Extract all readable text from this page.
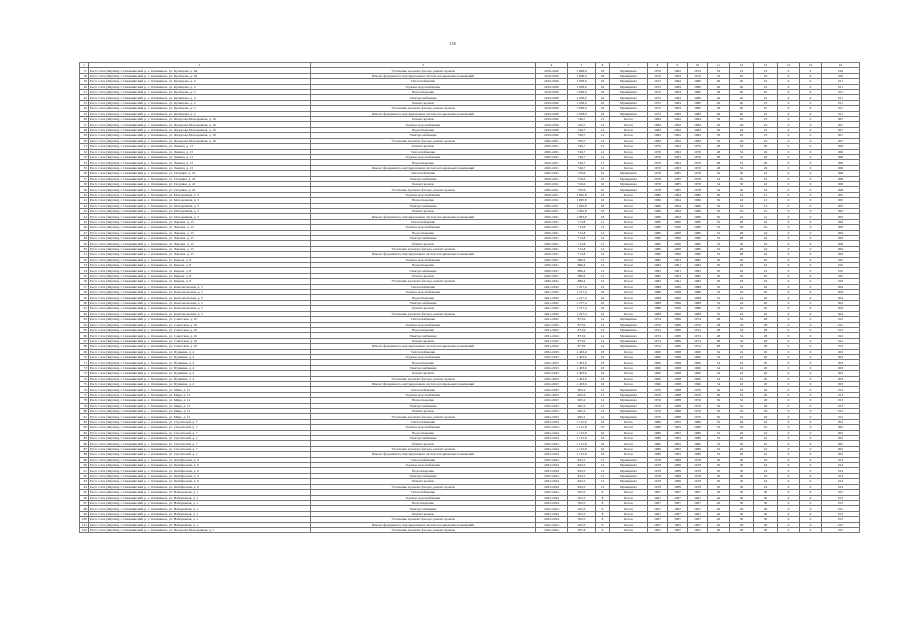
135
1	2	3	4	5	6	7	8	9	10	11	12	13	14	15	16
17	Респ. Саха (Якутия), г. Олекминский р., г. Олекминск, ул. Кузнецова, д. 64	Утепление и ремонт фасада, ремонт кровли	2019-2020	1 698,0	18	Муниципал	1978	1982	1979	52	22	23	0	0	016
18	Респ. Саха (Якутия), г. Олекминский р., г. Олекминск, ул. Кузнецова, д. 64	Ремонт фундамента, внутридомовых систем и подвальных помещений	2019-2020	1 698,0	18	Муниципал	1979	1982	1979	52	22	23	0	0	016
19	Респ. Саха (Якутия), г. Олекминский р., г. Олекминск, ул. Кузнецова, д. 2	Теплоснабжение	2019-2020	1 938,0	16	Муниципал	1972	1984	1980	49	40	25	0	0	011
20	Респ. Саха (Якутия), г. Олекминский р., г. Олекминск, ул. Кузнецова, д. 2	Горячее водоснабжение	2019-2020	1 938,0	16	Муниципал	1972	1984	1980	49	40	25	0	0	011
21	Респ. Саха (Якутия), г. Олекминский р., г. Олекминск, ул. Кузнецова, д. 2	Водоотведение	2019-2020	1 938,0	16	Муниципал	1972	1984	1980	49	40	25	0	0	011
22	Респ. Саха (Якутия), г. Олекминский р., г. Олекминск, ул. Кузнецова, д. 2	Электроснабжение	2019-2020	1 938,0	16	Муниципал	1972	1984	1980	49	40	25	0	0	011
23	Респ. Саха (Якутия), г. Олекминский р., г. Олекминск, ул. Кузнецова, д. 2	Ремонт кровли	2019-2020	1 938,0	16	Муниципал	1972	1984	1980	49	40	25	0	0	011
24	Респ. Саха (Якутия), г. Олекминский р., г. Олекминск, ул. Кузнецова, д. 2	Утепление и ремонт фасада, ремонт кровли	2019-2020	1 938,0	16	Муниципал	1972	1984	1980	49	40	25	0	0	011
25	Респ. Саха (Якутия), г. Олекминский р., г. Олекминск, ул. Кузнецова, д. 2	Ремонт фундамента, внутридомовых систем и подвальных помещений	2019-2020	1 938,0	16	Муниципал	1972	1984	1980	49	40	25	0	0	011
26	Респ. Саха (Якутия), г. Олекминский р., г. Олекминск, ул. Федорова-Молодежная, д. 19	Ремонт кровли	2019-2020	746,7	12	Бетон	1984	1992	1984	56	26	23	0	0	007
27	Респ. Саха (Якутия), г. Олекминский р., г. Олекминск, ул. Федорова-Молодежная, д. 19	Горячее водоснабжение	2019-2020	746,7	12	Бетон	1984	1992	1984	56	26	23	0	0	007
28	Респ. Саха (Якутия), г. Олекминский р., г. Олекминск, ул. Федорова-Молодежная, д. 19	Водоотведение	2019-2020	746,7	12	Бетон	1984	1992	1984	56	26	23	0	0	007
29	Респ. Саха (Якутия), г. Олекминский р., г. Олекминск, ул. Федорова-Молодежная, д. 19	Электроснабжение	2019-2020	746,7	12	Бетон	1984	1992	1984	56	26	23	0	0	007
30	Респ. Саха (Якутия), г. Олекминский р., г. Олекминск, ул. Федорова-Молодежная, д. 19	Утепление и ремонт фасада, ремонт кровли	2020-2021	746,7	12	Бетон	1984	1992	1984	56	26	23	0	0	007
31	Респ. Саха (Якутия), г. Олекминский р., г. Олекминск, ул. Ленина, д. 13	Ремонт кровли	2020-2021	746,7	12	Бетон	1976	1993	1976	48	32	26	0	0	006
32	Респ. Саха (Якутия), г. Олекминский р., г. Олекминск, ул. Ленина, д. 13	Теплоснабжение	2020-2021	746,7	12	Бетон	1976	1993	1976	48	32	26	0	0	006
33	Респ. Саха (Якутия), г. Олекминский р., г. Олекминск, ул. Ленина, д. 13	Горячее водоснабжение	2020-2021	746,7	12	Бетон	1976	1993	1976	48	32	26	0	0	006
34	Респ. Саха (Якутия), г. Олекминский р., г. Олекминск, ул. Ленина, д. 13	Водоотведение	2020-2021	746,7	12	Бетон	1976	1993	1976	48	32	26	0	0	006
35	Респ. Саха (Якутия), г. Олекминский р., г. Олекминск, ул. Ленина, д. 13	Ремонт фундамента, внутридомовых систем и подвальных помещений	2020-2021	746,7	12	Бетон	1976	1993	1976	48	32	26	0	0	006
36	Респ. Саха (Якутия), г. Олекминский р., г. Олекминск, ул. Гагарина, д. 22	Теплоснабжение	2020-2021	726,6	10	Муниципал	1978	1985	1978	54	30	22	0	0	008
37	Респ. Саха (Якутия), г. Олекминский р., г. Олекминск, ул. Гагарина, д. 22	Электроснабжение	2020-2021	726,6	10	Муниципал	1978	1985	1978	54	30	22	0	0	008
38	Респ. Саха (Якутия), г. Олекминский р., г. Олекминск, ул. Гагарина, д. 22	Ремонт кровли	2020-2021	726,6	10	Муниципал	1978	1985	1978	54	30	22	0	0	008
39	Респ. Саха (Якутия), г. Олекминский р., г. Олекминск, ул. Гагарина, д. 22	Утепление и ремонт фасада, ремонт кровли	2020-2021	726,6	10	Муниципал	1978	1985	1978	54	30	22	0	0	008
40	Респ. Саха (Якутия), г. Олекминский р., г. Олекминск, ул. Молодежная, д. 3	Горячее водоснабжение	2020-2021	1 095,8	18	Бетон	1986	1994	1986	50	24	21	0	0	005
41	Респ. Саха (Якутия), г. Олекминский р., г. Олекминск, ул. Молодежная, д. 3	Водоотведение	2020-2021	1 095,8	18	Бетон	1986	1994	1986	50	24	21	0	0	005
42	Респ. Саха (Якутия), г. Олекминский р., г. Олекминск, ул. Молодежная, д. 3	Электроснабжение	2020-2021	1 095,8	18	Бетон	1986	1994	1986	50	24	21	0	0	005
43	Респ. Саха (Якутия), г. Олекминский р., г. Олекминск, ул. Молодежная, д. 3	Ремонт кровли	2020-2021	1 095,8	18	Бетон	1986	1994	1986	50	24	21	0	0	005
44	Респ. Саха (Якутия), г. Олекминский р., г. Олекминск, ул. Молодежная, д. 3	Ремонт фундамента, внутридомовых систем и подвальных помещений	2020-2021	1 095,8	18	Бетон	1986	1994	1986	50	24	21	0	0	005
45	Респ. Саха (Якутия), г. Олекминский р., г. Олекминск, ул. Чапаева, д. 15	Теплоснабжение	2020-2021	713,8	12	Бетон	1980	1990	1980	52	28	24	0	0	009
46	Респ. Саха (Якутия), г. Олекминский р., г. Олекминск, ул. Чапаева, д. 15	Горячее водоснабжение	2020-2021	713,8	12	Бетон	1980	1990	1980	52	28	24	0	0	009
47	Респ. Саха (Якутия), г. Олекминский р., г. Олекминск, ул. Чапаева, д. 15	Водоотведение	2020-2021	713,8	12	Бетон	1980	1990	1980	52	28	24	0	0	009
48	Респ. Саха (Якутия), г. Олекминский р., г. Олекминск, ул. Чапаева, д. 15	Электроснабжение	2020-2021	713,8	12	Бетон	1980	1990	1980	52	28	24	0	0	009
49	Респ. Саха (Якутия), г. Олекминский р., г. Олекминск, ул. Чапаева, д. 15	Ремонт кровли	2020-2021	713,8	12	Бетон	1980	1990	1980	52	28	24	0	0	009
50	Респ. Саха (Якутия), г. Олекминский р., г. Олекминск, ул. Чапаева, д. 15	Утепление и ремонт фасада, ремонт кровли	2020-2021	713,8	12	Бетон	1980	1990	1980	52	28	24	0	0	009
51	Респ. Саха (Якутия), г. Олекминский р., г. Олекминск, ул. Чапаева, д. 15	Ремонт фундамента, внутридомовых систем и подвальных помещений	2020-2021	713,8	12	Бетон	1980	1990	1980	52	28	24	0	0	009
52	Респ. Саха (Якутия), г. Олекминский р., г. Олекминск, ул. Кирова, д. 8	Горячее водоснабжение	2020-2021	686,4	12	Бетон	1982	1991	1982	50	26	22	0	0	010
53	Респ. Саха (Якутия), г. Олекминский р., г. Олекминск, ул. Кирова, д. 8	Водоотведение	2020-2021	686,4	12	Бетон	1982	1991	1982	50	26	22	0	0	010
54	Респ. Саха (Якутия), г. Олекминский р., г. Олекминск, ул. Кирова, д. 8	Электроснабжение	2020-2021	686,4	12	Бетон	1982	1991	1982	50	26	22	0	0	010
55	Респ. Саха (Якутия), г. Олекминский р., г. Олекминск, ул. Кирова, д. 8	Ремонт кровли	2020-2021	686,4	12	Бетон	1982	1991	1982	50	26	22	0	0	010
56	Респ. Саха (Якутия), г. Олекминский р., г. Олекминск, ул. Кирова, д. 8	Утепление и ремонт фасада, ремонт кровли	2020-2021	686,4	12	Бетон	1982	1991	1982	50	26	22	0	0	010
57	Респ. Саха (Якутия), г. Олекминский р., г. Олекминск, ул. Комсомольская, д. 5	Теплоснабжение	2021-2022	1 217,4	16	Бетон	1988	1996	1988	52	24	20	0	0	004
58	Респ. Саха (Якутия), г. Олекминский р., г. Олекминск, ул. Комсомольская, д. 5	Горячее водоснабжение	2021-2022	1 217,4	16	Бетон	1988	1996	1988	52	24	20	0	0	004
59	Респ. Саха (Якутия), г. Олекминский р., г. Олекминск, ул. Комсомольская, д. 5	Водоотведение	2021-2022	1 217,4	16	Бетон	1988	1996	1988	52	24	20	0	0	004
60	Респ. Саха (Якутия), г. Олекминский р., г. Олекминск, ул. Комсомольская, д. 5	Электроснабжение	2021-2022	1 217,4	16	Бетон	1988	1996	1988	52	24	20	0	0	004
61	Респ. Саха (Якутия), г. Олекминский р., г. Олекминск, ул. Комсомольская, д. 5	Ремонт кровли	2021-2022	1 217,4	16	Бетон	1988	1996	1988	52	24	20	0	0	004
62	Респ. Саха (Якутия), г. Олекминский р., г. Олекминск, ул. Комсомольская, д. 5	Утепление и ремонт фасада, ремонт кровли	2021-2022	1 217,4	16	Бетон	1988	1996	1988	52	24	20	0	0	004
63	Респ. Саха (Якутия), г. Олекминский р., г. Олекминск, ул. Советская, д. 10	Теплоснабжение	2021-2022	873,9	14	Муниципал	1974	1986	1974	48	34	28	0	0	012
64	Респ. Саха (Якутия), г. Олекминский р., г. Олекминск, ул. Советская, д. 10	Горячее водоснабжение	2021-2022	873,9	14	Муниципал	1974	1986	1974	48	34	28	0	0	012
65	Респ. Саха (Якутия), г. Олекминский р., г. Олекминск, ул. Советская, д. 10	Водоотведение	2021-2022	873,9	14	Муниципал	1974	1986	1974	48	34	28	0	0	012
66	Респ. Саха (Якутия), г. Олекминский р., г. Олекминск, ул. Советская, д. 10	Электроснабжение	2021-2022	873,9	14	Муниципал	1974	1986	1974	48	34	28	0	0	012
67	Респ. Саха (Якутия), г. Олекминский р., г. Олекминск, ул. Советская, д. 10	Ремонт кровли	2021-2022	873,9	14	Муниципал	1974	1986	1974	48	34	28	0	0	012
68	Респ. Саха (Якутия), г. Олекминский р., г. Олекминск, ул. Советская, д. 10	Ремонт фундамента, внутридомовых систем и подвальных помещений	2021-2022	873,9	14	Муниципал	1974	1986	1974	48	34	28	0	0	012
69	Респ. Саха (Якутия), г. Олекминский р., г. Олекминск, ул. Пушкина, д. 4	Теплоснабжение	2022-2023	1 403,6	18	Бетон	1990	1998	1990	54	22	20	0	0	003
70	Респ. Саха (Якутия), г. Олекминский р., г. Олекминск, ул. Пушкина, д. 4	Горячее водоснабжение	2022-2023	1 403,6	18	Бетон	1990	1998	1990	54	22	20	0	0	003
71	Респ. Саха (Якутия), г. Олекминский р., г. Олекминск, ул. Пушкина, д. 4	Водоотведение	2022-2023	1 403,6	18	Бетон	1990	1998	1990	54	22	20	0	0	003
72	Респ. Саха (Якутия), г. Олекминский р., г. Олекминск, ул. Пушкина, д. 4	Электроснабжение	2022-2023	1 403,6	18	Бетон	1990	1998	1990	54	22	20	0	0	003
73	Респ. Саха (Якутия), г. Олекминский р., г. Олекминск, ул. Пушкина, д. 4	Ремонт кровли	2022-2023	1 403,6	18	Бетон	1990	1998	1990	54	22	20	0	0	003
74	Респ. Саха (Якутия), г. Олекминский р., г. Олекминск, ул. Пушкина, д. 4	Утепление и ремонт фасада, ремонт кровли	2022-2023	1 403,6	18	Бетон	1990	1998	1990	54	22	20	0	0	003
75	Респ. Саха (Якутия), г. Олекминский р., г. Олекминск, ул. Пушкина, д. 4	Ремонт фундамента, внутридомовых систем и подвальных помещений	2022-2023	1 403,6	18	Бетон	1990	1998	1990	54	22	20	0	0	003
76	Респ. Саха (Якутия), г. Олекминский р., г. Олекминск, ул. Мира, д. 12	Теплоснабжение	2022-2023	965,2	12	Муниципал	1976	1988	1976	50	32	26	0	0	013
77	Респ. Саха (Якутия), г. Олекминский р., г. Олекминск, ул. Мира, д. 12	Горячее водоснабжение	2022-2023	965,2	12	Муниципал	1976	1988	1976	50	32	26	0	0	013
78	Респ. Саха (Якутия), г. Олекминский р., г. Олекминск, ул. Мира, д. 12	Водоотведение	2022-2023	965,2	12	Муниципал	1976	1988	1976	50	32	26	0	0	013
79	Респ. Саха (Якутия), г. Олекминский р., г. Олекминск, ул. Мира, д. 12	Электроснабжение	2022-2023	965,2	12	Муниципал	1976	1988	1976	50	32	26	0	0	013
80	Респ. Саха (Якутия), г. Олекминский р., г. Олекминск, ул. Мира, д. 12	Ремонт кровли	2022-2023	965,2	12	Муниципал	1976	1988	1976	50	32	26	0	0	013
81	Респ. Саха (Якутия), г. Олекминский р., г. Олекминск, ул. Мира, д. 12	Утепление и ремонт фасада, ремонт кровли	2022-2023	965,2	12	Муниципал	1976	1988	1976	50	32	26	0	0	013
82	Респ. Саха (Якутия), г. Олекминский р., г. Олекминск, ул. Строителей, д. 7	Теплоснабжение	2023-2024	1 112,8	16	Бетон	1986	1995	1986	52	26	22	0	0	002
83	Респ. Саха (Якутия), г. Олекминский р., г. Олекминск, ул. Строителей, д. 7	Горячее водоснабжение	2023-2024	1 112,8	16	Бетон	1986	1995	1986	52	26	22	0	0	002
84	Респ. Саха (Якутия), г. Олекминский р., г. Олекминск, ул. Строителей, д. 7	Водоотведение	2023-2024	1 112,8	16	Бетон	1986	1995	1986	52	26	22	0	0	002
85	Респ. Саха (Якутия), г. Олекминский р., г. Олекминск, ул. Строителей, д. 7	Электроснабжение	2023-2024	1 112,8	16	Бетон	1986	1995	1986	52	26	22	0	0	002
86	Респ. Саха (Якутия), г. Олекминский р., г. Олекминск, ул. Строителей, д. 7	Ремонт кровли	2023-2024	1 112,8	16	Бетон	1986	1995	1986	52	26	22	0	0	002
87	Респ. Саха (Якутия), г. Олекминский р., г. Олекминск, ул. Строителей, д. 7	Утепление и ремонт фасада, ремонт кровли	2023-2024	1 112,8	16	Бетон	1986	1995	1986	52	26	22	0	0	002
88	Респ. Саха (Якутия), г. Олекминский р., г. Олекминск, ул. Строителей, д. 7	Ремонт фундамента, внутридомовых систем и подвальных помещений	2023-2024	1 112,8	16	Бетон	1986	1995	1986	52	26	22	0	0	002
89	Респ. Саха (Якутия), г. Олекминский р., г. Олекминск, ул. Октябрьская, д. 9	Теплоснабжение	2023-2024	842,5	12	Муниципал	1978	1989	1978	50	30	24	0	0	014
90	Респ. Саха (Якутия), г. Олекминский р., г. Олекминск, ул. Октябрьская, д. 9	Горячее водоснабжение	2023-2024	842,5	12	Муниципал	1978	1989	1978	50	30	24	0	0	014
91	Респ. Саха (Якутия), г. Олекминский р., г. Олекминск, ул. Октябрьская, д. 9	Водоотведение	2023-2024	842,5	12	Муниципал	1978	1989	1978	50	30	24	0	0	014
92	Респ. Саха (Якутия), г. Олекминский р., г. Олекминск, ул. Октябрьская, д. 9	Электроснабжение	2023-2024	842,5	12	Муниципал	1978	1989	1978	50	30	24	0	0	014
93	Респ. Саха (Якутия), г. Олекминский р., г. Олекминск, ул. Октябрьская, д. 9	Ремонт кровли	2023-2024	842,5	12	Муниципал	1978	1989	1978	50	30	24	0	0	014
94	Респ. Саха (Якутия), г. Олекминский р., г. Олекминск, ул. Октябрьская, д. 9	Утепление и ремонт фасада, ремонт кровли	2023-2024	842,5	12	Муниципал	1978	1989	1978	50	30	24	0	0	014
95	Респ. Саха (Якутия), г. Олекминский р., г. Олекминск, ул. Набережная, д. 1	Теплоснабжение	2023-2024	502,3	8	Бетон	1967	1987	1967	46	36	30	0	0	015
96	Респ. Саха (Якутия), г. Олекминский р., г. Олекминск, ул. Набережная, д. 1	Горячее водоснабжение	2023-2024	502,3	8	Бетон	1967	1987	1967	46	36	30	0	0	015
97	Респ. Саха (Якутия), г. Олекминский р., г. Олекминск, ул. Набережная, д. 1	Водоотведение	2023-2024	502,3	8	Бетон	1967	1987	1967	46	36	30	0	0	015
98	Респ. Саха (Якутия), г. Олекминский р., г. Олекминск, ул. Набережная, д. 1	Электроснабжение	2023-2024	502,3	8	Бетон	1967	1987	1967	46	36	30	0	0	015
99	Респ. Саха (Якутия), г. Олекминский р., г. Олекминск, ул. Набережная, д. 1	Ремонт кровли	2023-2024	502,3	8	Бетон	1967	1987	1967	46	36	30	0	0	015
100	Респ. Саха (Якутия), г. Олекминский р., г. Олекминск, ул. Набережная, д. 1	Утепление и ремонт фасада, ремонт кровли	2023-2024	502,3	8	Бетон	1967	1987	1967	46	36	30	0	0	015
101	Респ. Саха (Якутия), г. Олекминский р., г. Олекминск, ул. Набережная, д. 1	Ремонт фундамента, внутридомовых систем и подвальных помещений	2023-2024	502,3	8	Бетон	1967	1987	1967	46	36	30	0	0	015
102	Респ. Саха (Якутия), г. Олекминский р., г. Олекминск, ул. Федорова-Молодежная, д. 7	Утепление и ремонт фасада, ремонт кровли	2023-2024	587,8	9	Бетон	1967	1987	1967	46	36	30	0	0	015
